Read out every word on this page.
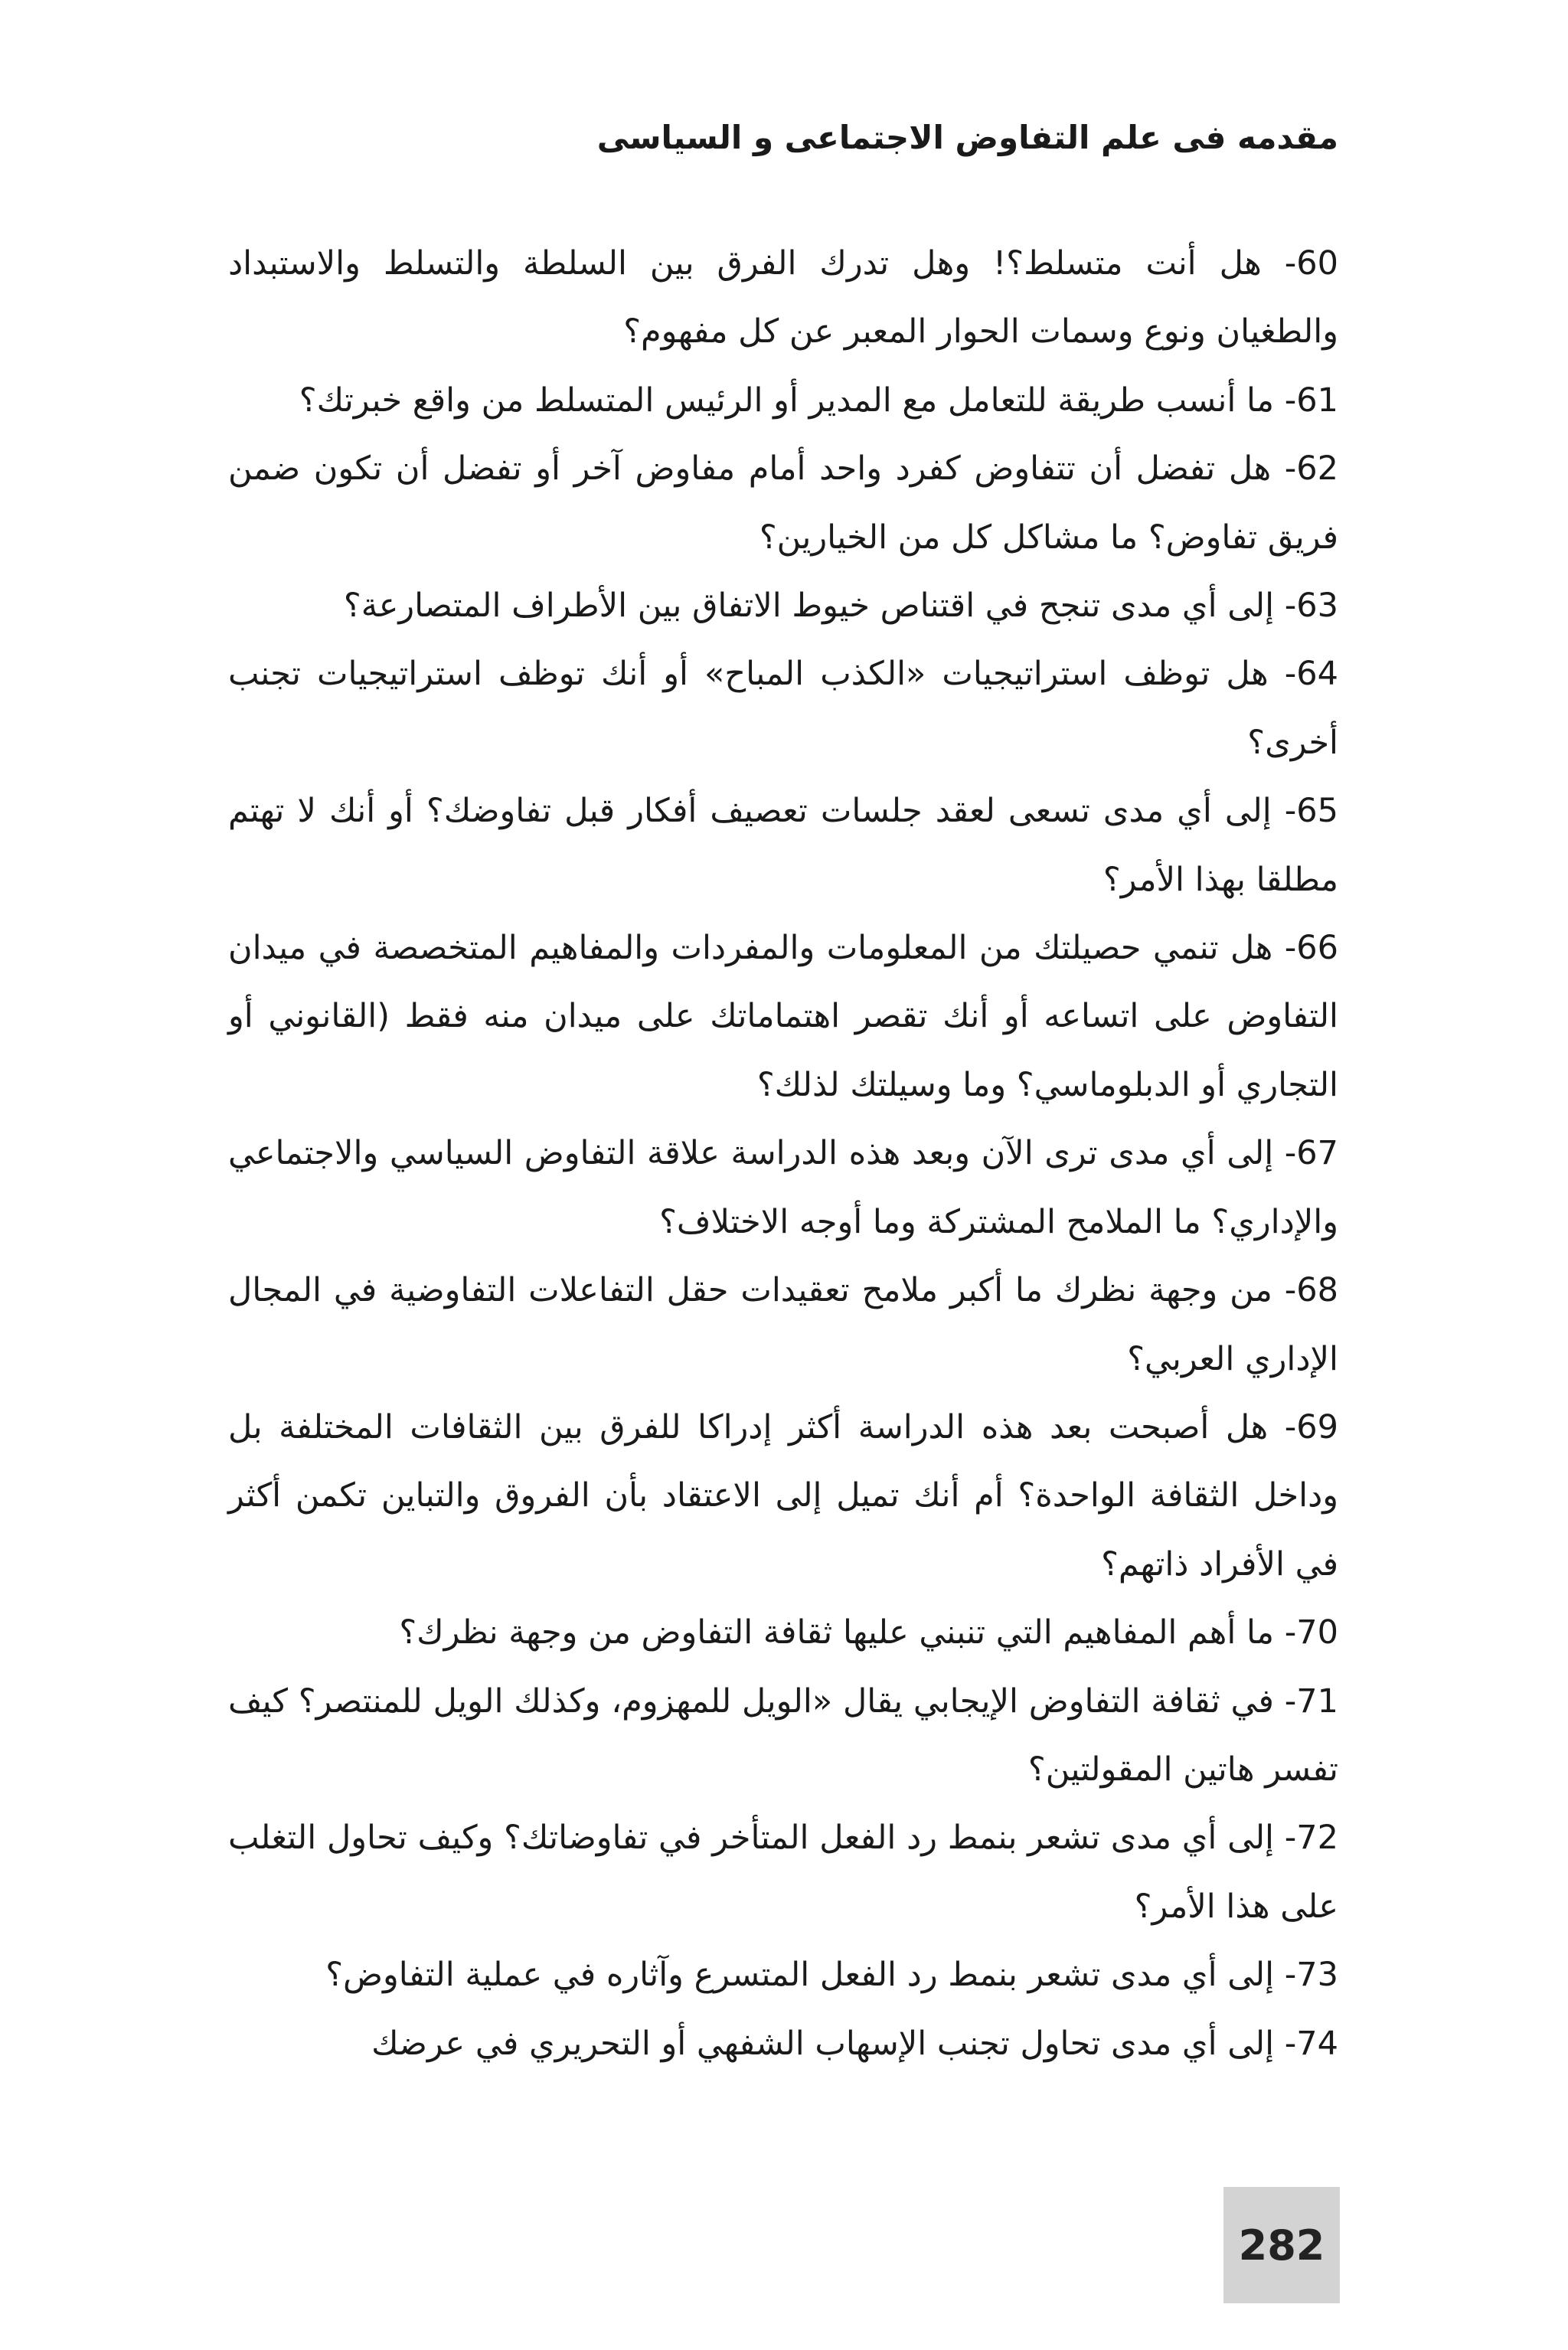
مقدمه فى علم التفاوض الاجتماعى و السياسى

60- هل أنت متسلط؟! وهل تدرك الفرق بين السلطة والتسلط والاستبداد والطغيان ونوع وسمات الحوار المعبر عن كل مفهوم؟

61- ما أنسب طريقة للتعامل مع المدير أو الرئيس المتسلط من واقع خبرتك؟

62- هل تفضل أن تتفاوض كفرد واحد أمام مفاوض آخر أو تفضل أن تكون ضمن فريق تفاوض؟ ما مشاكل كل من الخيارين؟

63- إلى أي مدى تنجح في اقتناص خيوط الاتفاق بين الأطراف المتصارعة؟

64- هل توظف استراتيجيات «الكذب المباح» أو أنك توظف استراتيجيات تجنب أخرى؟

65- إلى أي مدى تسعى لعقد جلسات تعصيف أفكار قبل تفاوضك؟ أو أنك لا تهتم مطلقا بهذا الأمر؟

66- هل تنمي حصيلتك من المعلومات والمفردات والمفاهيم المتخصصة في ميدان التفاوض على اتساعه أو أنك تقصر اهتماماتك على ميدان منه فقط (القانوني أو التجاري أو الدبلوماسي؟ وما وسيلتك لذلك؟

67- إلى أي مدى ترى الآن وبعد هذه الدراسة علاقة التفاوض السياسي والاجتماعي والإداري؟ ما الملامح المشتركة وما أوجه الاختلاف؟

68- من وجهة نظرك ما أكبر ملامح تعقيدات حقل التفاعلات التفاوضية في المجال الإداري العربي؟

69- هل أصبحت بعد هذه الدراسة أكثر إدراكا للفرق بين الثقافات المختلفة بل وداخل الثقافة الواحدة؟ أم أنك تميل إلى الاعتقاد بأن الفروق والتباين تكمن أكثر في الأفراد ذاتهم؟

70- ما أهم المفاهيم التي تنبني عليها ثقافة التفاوض من وجهة نظرك؟

71- في ثقافة التفاوض الإيجابي يقال «الويل للمهزوم، وكذلك الويل للمنتصر؟ كيف تفسر هاتين المقولتين؟

72- إلى أي مدى تشعر بنمط رد الفعل المتأخر في تفاوضاتك؟ وكيف تحاول التغلب على هذا الأمر؟

73- إلى أي مدى تشعر بنمط رد الفعل المتسرع وآثاره في عملية التفاوض؟

74- إلى أي مدى تحاول تجنب الإسهاب الشفهي أو التحريري في عرضك

282
